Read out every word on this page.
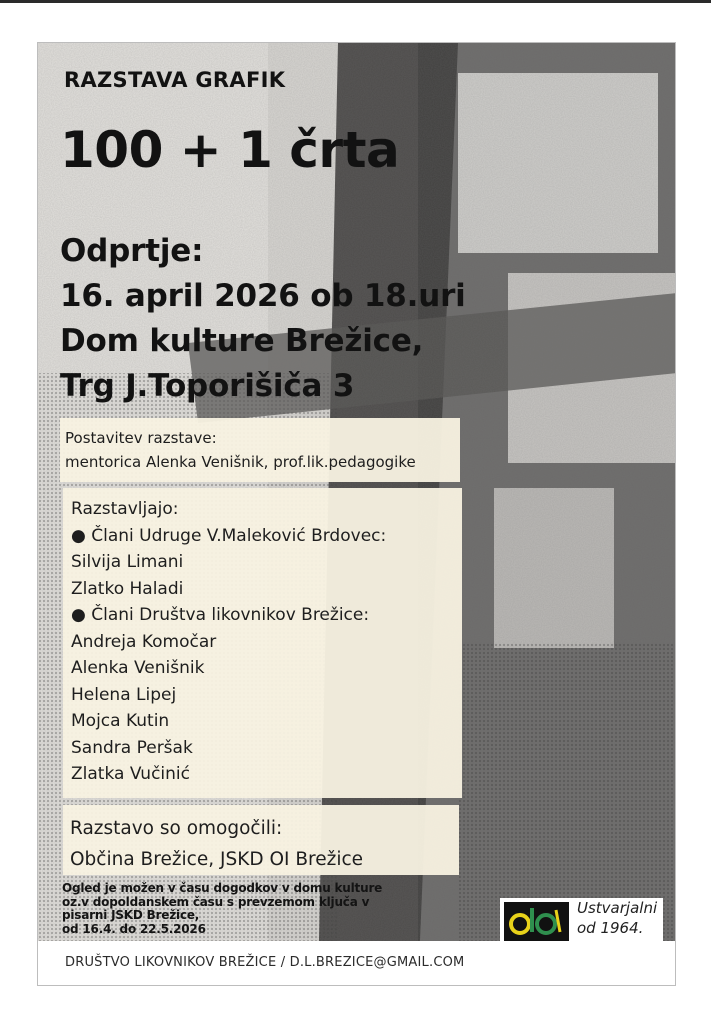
RAZSTAVA GRAFIK
100 + 1 črta
Odprtje:
16. april 2026 ob 18.uri
Dom kulture Brežice,
Trg J.Toporišiča 3
Postavitev razstave:
mentorica Alenka Venišnik, prof.lik.pedagogike
Razstavljajo:
● Člani Udruge V.Maleković Brdovec:
Silvija Limani
Zlatko Haladi
● Člani Društva likovnikov Brežice:
Andreja Komočar
Alenka Venišnik
Helena Lipej
Mojca Kutin
Sandra Peršak
Zlatka Vučinić
Razstavo so omogočili:
Občina Brežice, JSKD OI Brežice
Ogled je možen v času dogodkov v domu kulture
oz.v dopoldanskem času s prevzemom ključa v
pisarni JSKD Brežice,
od 16.4. do 22.5.2026
Ustvarjalni
od 1964.
DRUŠTVO LIKOVNIKOV BREŽICE / D.L.BREZICE@GMAIL.COM
